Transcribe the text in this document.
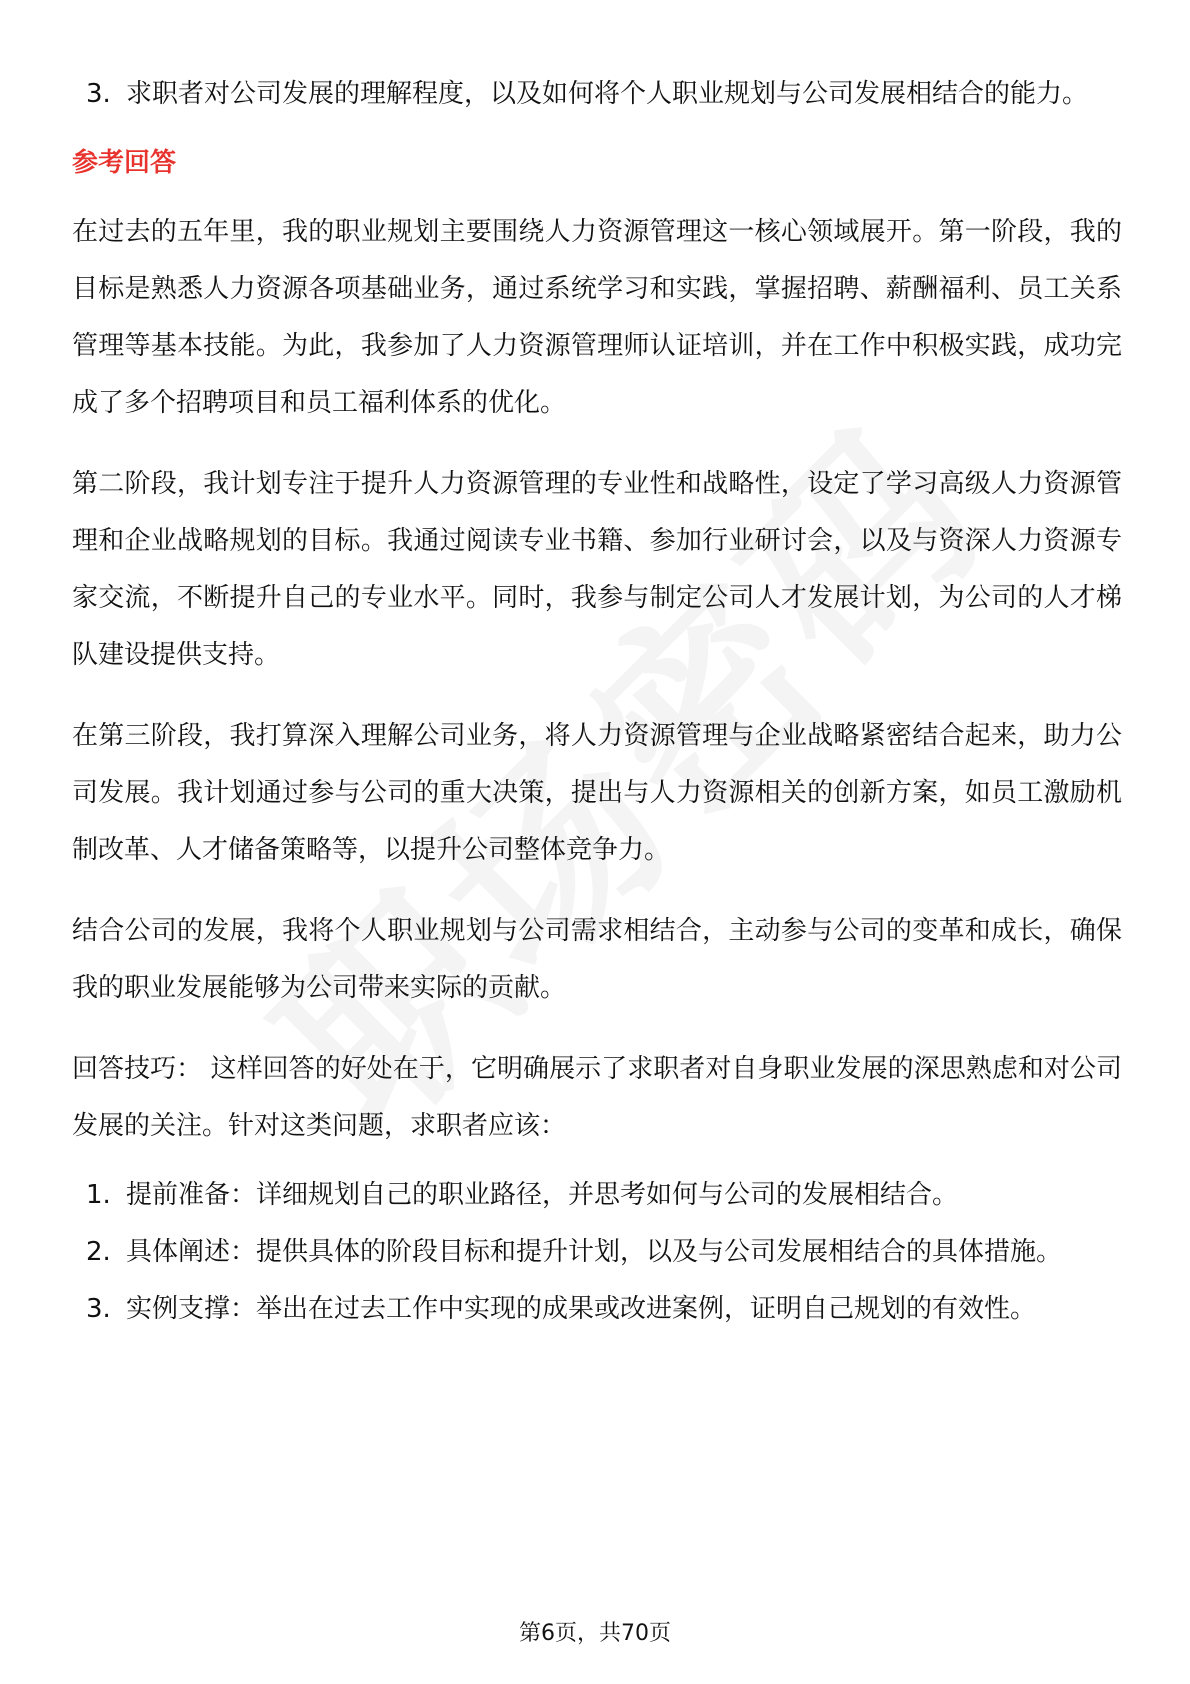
3. 求职者对公司发展的理解程度，以及如何将个人职业规划与公司发展相结合的能力。
参考回答

在过去的五年里，我的职业规划主要围绕人力资源管理这一核心领域展开。第一阶段，我的目标是熟悉人力资源各项基础业务，通过系统学习和实践，掌握招聘、薪酬福利、员工关系管理等基本技能。为此，我参加了人力资源管理师认证培训，并在工作中积极实践，成功完成了多个招聘项目和员工福利体系的优化。

第二阶段，我计划专注于提升人力资源管理的专业性和战略性，设定了学习高级人力资源管理和企业战略规划的目标。我通过阅读专业书籍、参加行业研讨会，以及与资深人力资源专家交流，不断提升自己的专业水平。同时，我参与制定公司人才发展计划，为公司的人才梯队建设提供支持。

在第三阶段，我打算深入理解公司业务，将人力资源管理与企业战略紧密结合起来，助力公司发展。我计划通过参与公司的重大决策，提出与人力资源相关的创新方案，如员工激励机制改革、人才储备策略等，以提升公司整体竞争力。

结合公司的发展，我将个人职业规划与公司需求相结合，主动参与公司的变革和成长，确保我的职业发展能够为公司带来实际的贡献。

回答技巧： 这样回答的好处在于，它明确展示了求职者对自身职业发展的深思熟虑和对公司发展的关注。针对这类问题，求职者应该：

1. 提前准备：详细规划自己的职业路径，并思考如何与公司的发展相结合。
2. 具体阐述：提供具体的阶段目标和提升计划，以及与公司发展相结合的具体措施。
3. 实例支撑：举出在过去工作中实现的成果或改进案例，证明自己规划的有效性。
第6页，共70页
